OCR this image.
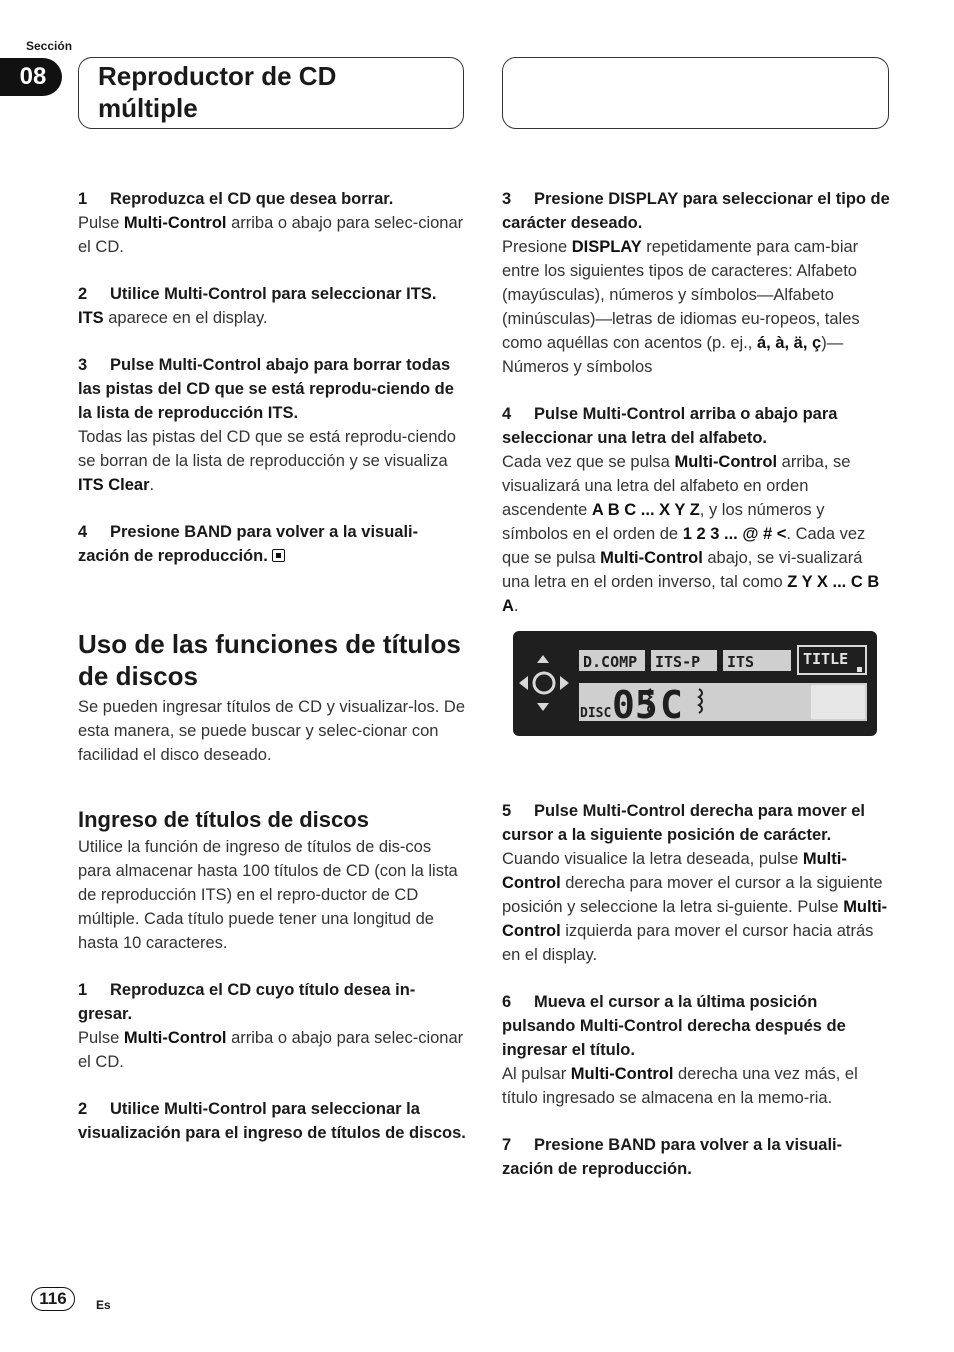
Sección
08	Reproductor de CD
múltiple
1 Reproduzca el CD que desea borrar.
Pulse Multi-Control arriba o abajo para selec-cionar el CD.
2 Utilice Multi-Control para seleccionar ITS.
ITS aparece en el display.
3 Pulse Multi-Control abajo para borrar todas las pistas del CD que se está reprodu-ciendo de la lista de reproducción ITS.
Todas las pistas del CD que se está reprodu-ciendo se borran de la lista de reproducción y se visualiza ITS Clear.
4 Presione BAND para volver a la visuali-zación de reproducción.
Uso de las funciones de títulos de discos

Se pueden ingresar títulos de CD y visualizar-los. De esta manera, se puede buscar y selec-cionar con facilidad el disco deseado.

Ingreso de títulos de discos

Utilice la función de ingreso de títulos de dis-cos para almacenar hasta 100 títulos de CD (con la lista de reproducción ITS) en el repro-ductor de CD múltiple. Cada título puede tener una longitud de hasta 10 caracteres.

1 Reproduzca el CD cuyo título desea in-gresar.
Pulse Multi-Control arriba o abajo para selec-cionar el CD.
2 Utilice Multi-Control para seleccionar la visualización para el ingreso de títulos de discos.
3 Presione DISPLAY para seleccionar el tipo de carácter deseado.
Presione DISPLAY repetidamente para cam-biar entre los siguientes tipos de caracteres: Alfabeto (mayúsculas), números y símbolos—Alfabeto (minúsculas)—letras de idiomas eu-ropeos, tales como aquéllas con acentos (p. ej., á, à, ä, ç)—Números y símbolos
4 Pulse Multi-Control arriba o abajo para seleccionar una letra del alfabeto.
Cada vez que se pulsa Multi-Control arriba, se visualizará una letra del alfabeto en orden ascendente A B C ... X Y Z, y los números y símbolos en el orden de 1 2 3 ... @ # <. Cada vez que se pulsa Multi-Control abajo, se vi-sualizará una letra en el orden inverso, tal como Z Y X ... C B A.
5 Pulse Multi-Control derecha para mover el cursor a la siguiente posición de carácter.
Cuando visualice la letra deseada, pulse Multi-Control derecha para mover el cursor a la siguiente posición y seleccione la letra si-guiente. Pulse Multi-Control izquierda para mover el cursor hacia atrás en el display.
6 Mueva el cursor a la última posición pulsando Multi-Control derecha después de ingresar el título.
Al pulsar Multi-Control derecha una vez más, el título ingresado se almacena en la memo-ria.
7 Presione BAND para volver a la visuali-zación de reproducción.
D.COMP ITS-P ITS	TITLE
DISC 05 C
116	Es
